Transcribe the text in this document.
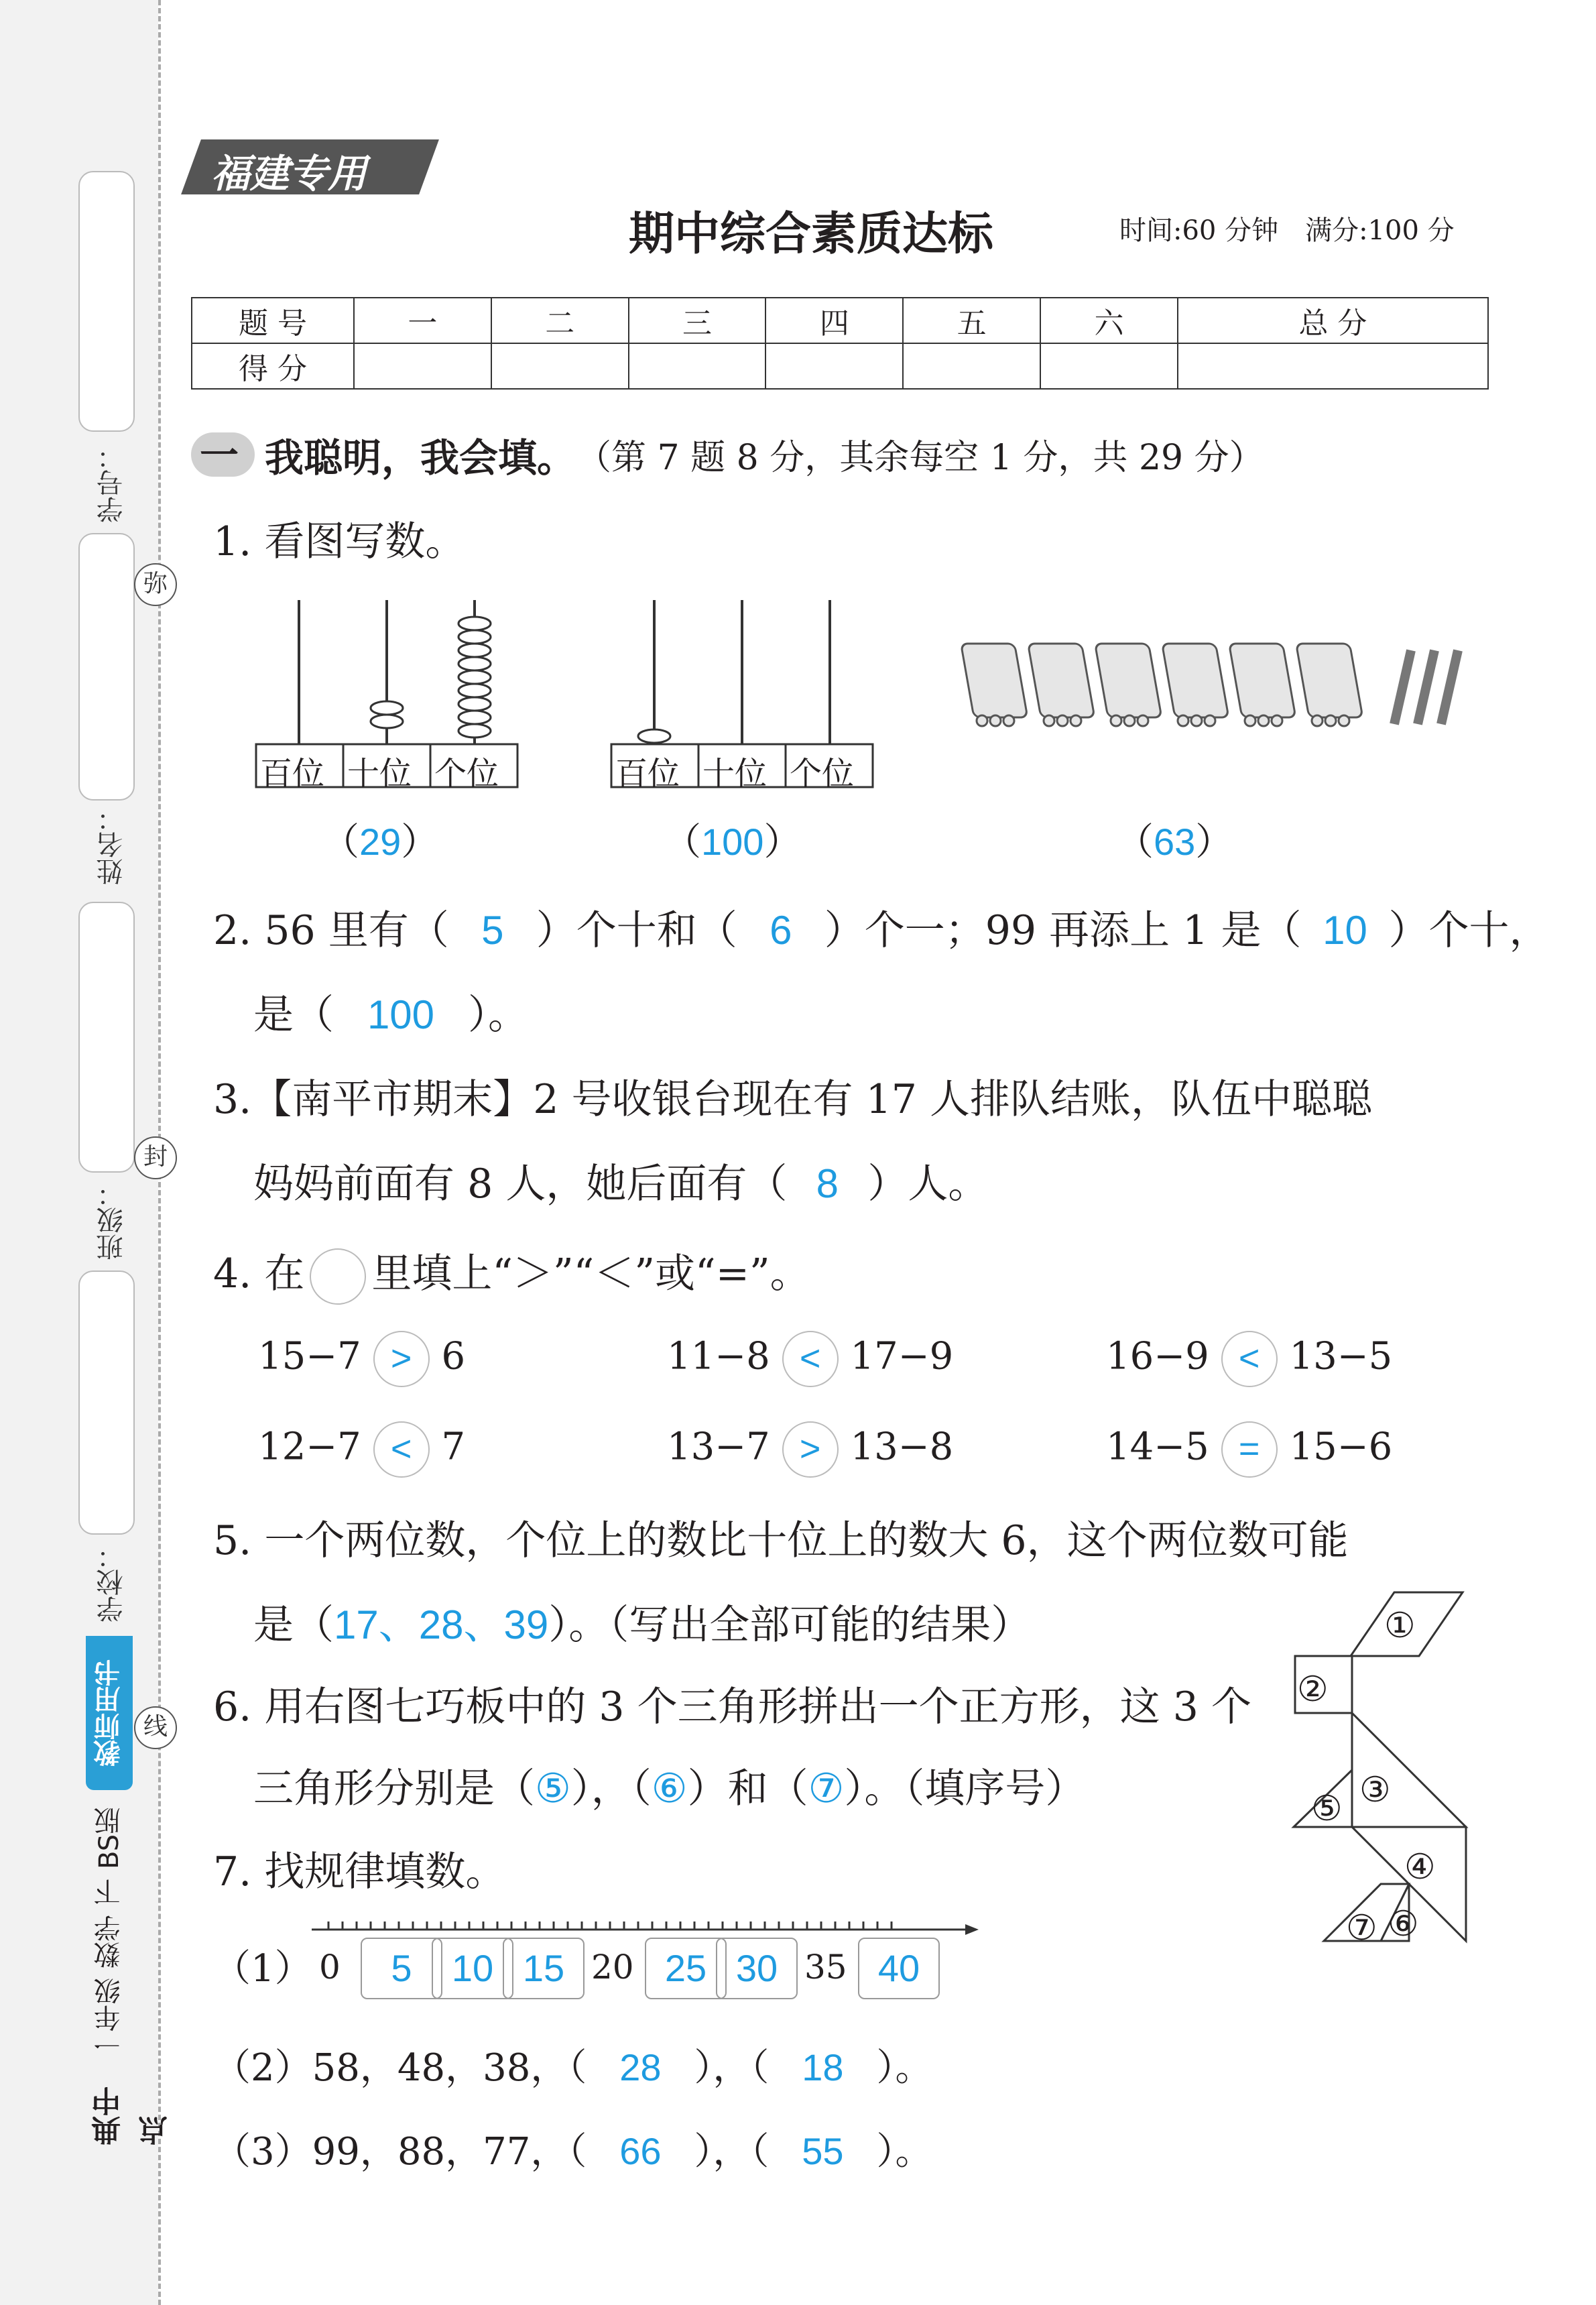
学号：
姓名：
班级：
学校：
弥
封
线
教师用书
一年级
数学
下
BS版
典中点
福建专用
期中综合素质达标	时间:60 分钟　满分:100 分
题 号	一	二	三	四	五	六	总 分
得 分							
一 我聪明，我会填。 （第 7 题 8 分，其余每空 1 分，共 29 分）
1. 看图写数。
百位 十位 个位	百位 十位 个位
（29）	（100）	（63）
2. 56 里有（ 5 ）个十和（ 6 ）个一；99 再添上 1 是（ 10 ）个十，
是（ 100 ）。
3.【南平市期末】2 号收银台现在有 17 人排队结账，队伍中聪聪
妈妈前面有 8 人，她后面有（ 8 ）人。
4. 在 里填上“＞”“＜”或“=”。
15−7 > 6	11−8 < 17−9	16−9 < 13−5
12−7 < 7	13−7 > 13−8	14−5 = 15−6
5. 一个两位数，个位上的数比十位上的数大 6，这个两位数可能
是（17、28、39）。（写出全部可能的结果）
6. 用右图七巧板中的 3 个三角形拼出一个正方形，这 3 个
三角形分别是（⑤），（⑥）和（⑦）。（填序号）
①
②
③
④
⑤
⑥
⑦
7. 找规律填数。
（1） 0	5	10 15 20 25 30 35 40
（2）58，48，38，（ 28 ），（ 18 ）。
（3）99，88，77，（ 66 ），（ 55 ）。
